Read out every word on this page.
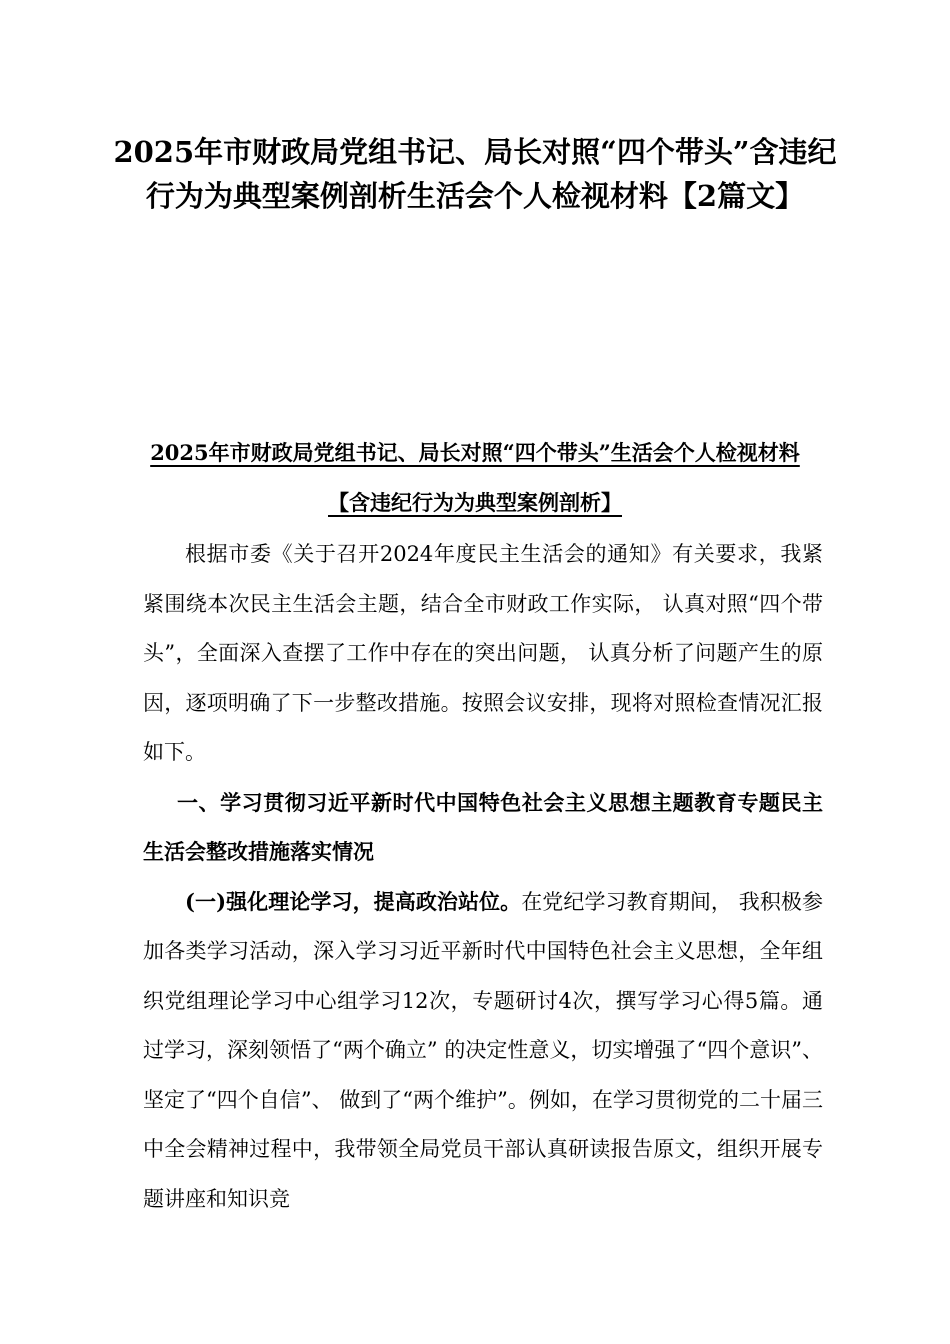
2025年市财政局党组书记、局长对照“四个带头”含违纪行为为典型案例剖析生活会个人检视材料【2篇文】
2025年市财政局党组书记、局长对照“四个带头”生活会个人检视材料【含违纪行为为典型案例剖析】

根据市委《关于召开2024年度民主生活会的通知》有关要求，我紧紧围绕本次民主生活会主题，结合全市财政工作实际， 认真对照“四个带头”，全面深入查摆了工作中存在的突出问题， 认真分析了问题产生的原因，逐项明确了下一步整改措施。按照会议安排，现将对照检查情况汇报如下。

一、学习贯彻习近平新时代中国特色社会主义思想主题教育专题民主生活会整改措施落实情况

(一)强化理论学习，提高政治站位。在党纪学习教育期间， 我积极参加各类学习活动，深入学习习近平新时代中国特色社会主义思想，全年组织党组理论学习中心组学习12次，专题研讨4次，撰写学习心得5篇。通过学习，深刻领悟了“两个确立” 的决定性意义，切实增强了“四个意识”、坚定了“四个自信”、 做到了“两个维护”。例如，在学习贯彻党的二十届三中全会精神过程中，我带领全局党员干部认真研读报告原文，组织开展专题讲座和知识竞
